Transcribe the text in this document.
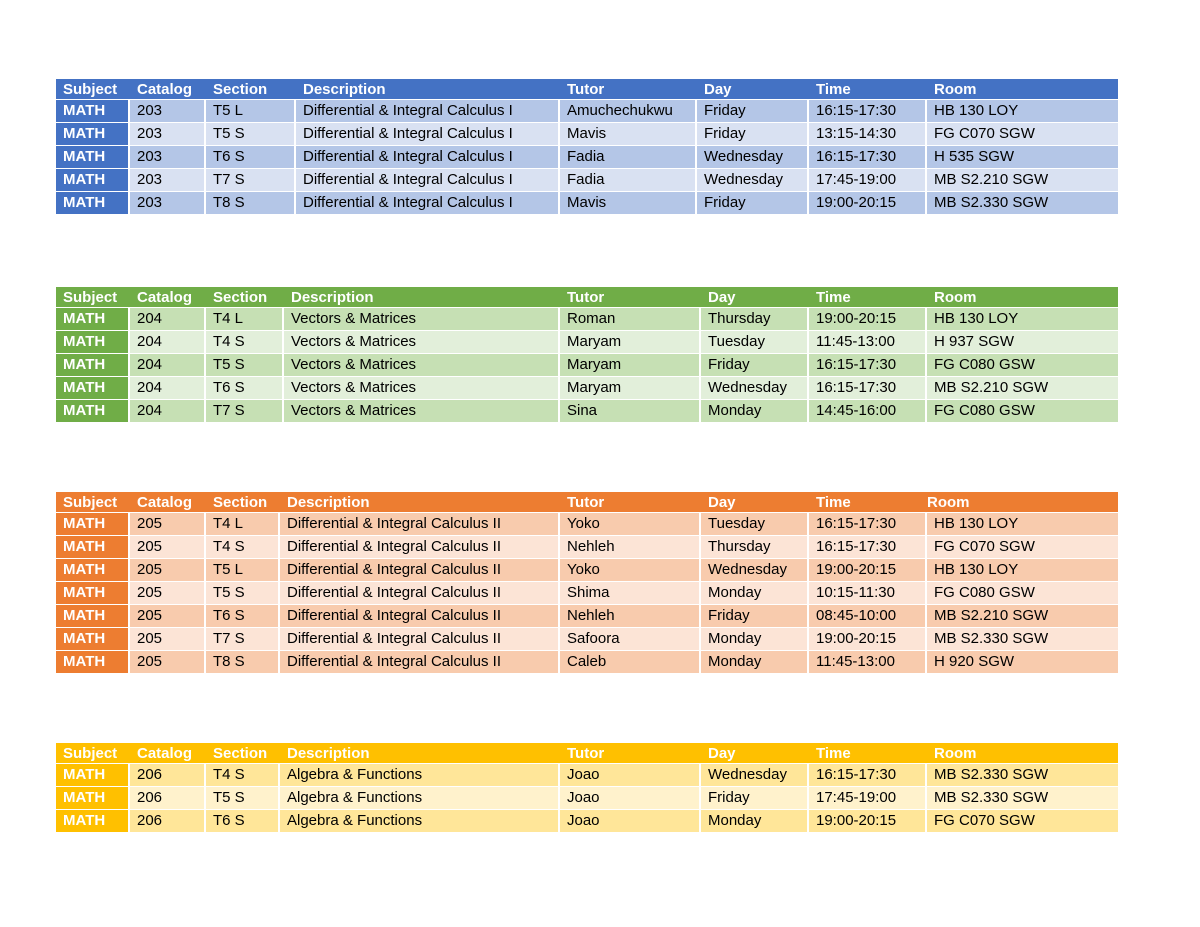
Subject	Catalog	Section	Description	Tutor	Day	Time	Room
MATH	203	T5 L	Differential & Integral Calculus I	Amuchechukwu	Friday	16:15-17:30	HB 130 LOY
MATH	203	T5 S	Differential & Integral Calculus I	Mavis	Friday	13:15-14:30	FG C070 SGW
MATH	203	T6 S	Differential & Integral Calculus I	Fadia	Wednesday	16:15-17:30	H 535 SGW
MATH	203	T7 S	Differential & Integral Calculus I	Fadia	Wednesday	17:45-19:00	MB S2.210 SGW
MATH	203	T8 S	Differential & Integral Calculus I	Mavis	Friday	19:00-20:15	MB S2.330 SGW
Subject	Catalog	Section	Description	Tutor	Day	Time	Room
MATH	204	T4 L	Vectors & Matrices	Roman	Thursday	19:00-20:15	HB 130 LOY
MATH	204	T4 S	Vectors & Matrices	Maryam	Tuesday	11:45-13:00	H 937 SGW
MATH	204	T5 S	Vectors & Matrices	Maryam	Friday	16:15-17:30	FG C080 GSW
MATH	204	T6 S	Vectors & Matrices	Maryam	Wednesday	16:15-17:30	MB S2.210 SGW
MATH	204	T7 S	Vectors & Matrices	Sina	Monday	14:45-16:00	FG C080 GSW
Subject	Catalog	Section	Description	Tutor	Day	Time	Room
MATH	205	T4 L	Differential & Integral Calculus II	Yoko	Tuesday	16:15-17:30	HB 130 LOY
MATH	205	T4 S	Differential & Integral Calculus II	Nehleh	Thursday	16:15-17:30	FG C070 SGW
MATH	205	T5 L	Differential & Integral Calculus II	Yoko	Wednesday	19:00-20:15	HB 130 LOY
MATH	205	T5 S	Differential & Integral Calculus II	Shima	Monday	10:15-11:30	FG C080 GSW
MATH	205	T6 S	Differential & Integral Calculus II	Nehleh	Friday	08:45-10:00	MB S2.210 SGW
MATH	205	T7 S	Differential & Integral Calculus II	Safoora	Monday	19:00-20:15	MB S2.330 SGW
MATH	205	T8 S	Differential & Integral Calculus II	Caleb	Monday	11:45-13:00	H 920 SGW
Subject	Catalog	Section	Description	Tutor	Day	Time	Room
MATH	206	T4 S	Algebra & Functions	Joao	Wednesday	16:15-17:30	MB S2.330 SGW
MATH	206	T5 S	Algebra & Functions	Joao	Friday	17:45-19:00	MB S2.330 SGW
MATH	206	T6 S	Algebra & Functions	Joao	Monday	19:00-20:15	FG C070 SGW
